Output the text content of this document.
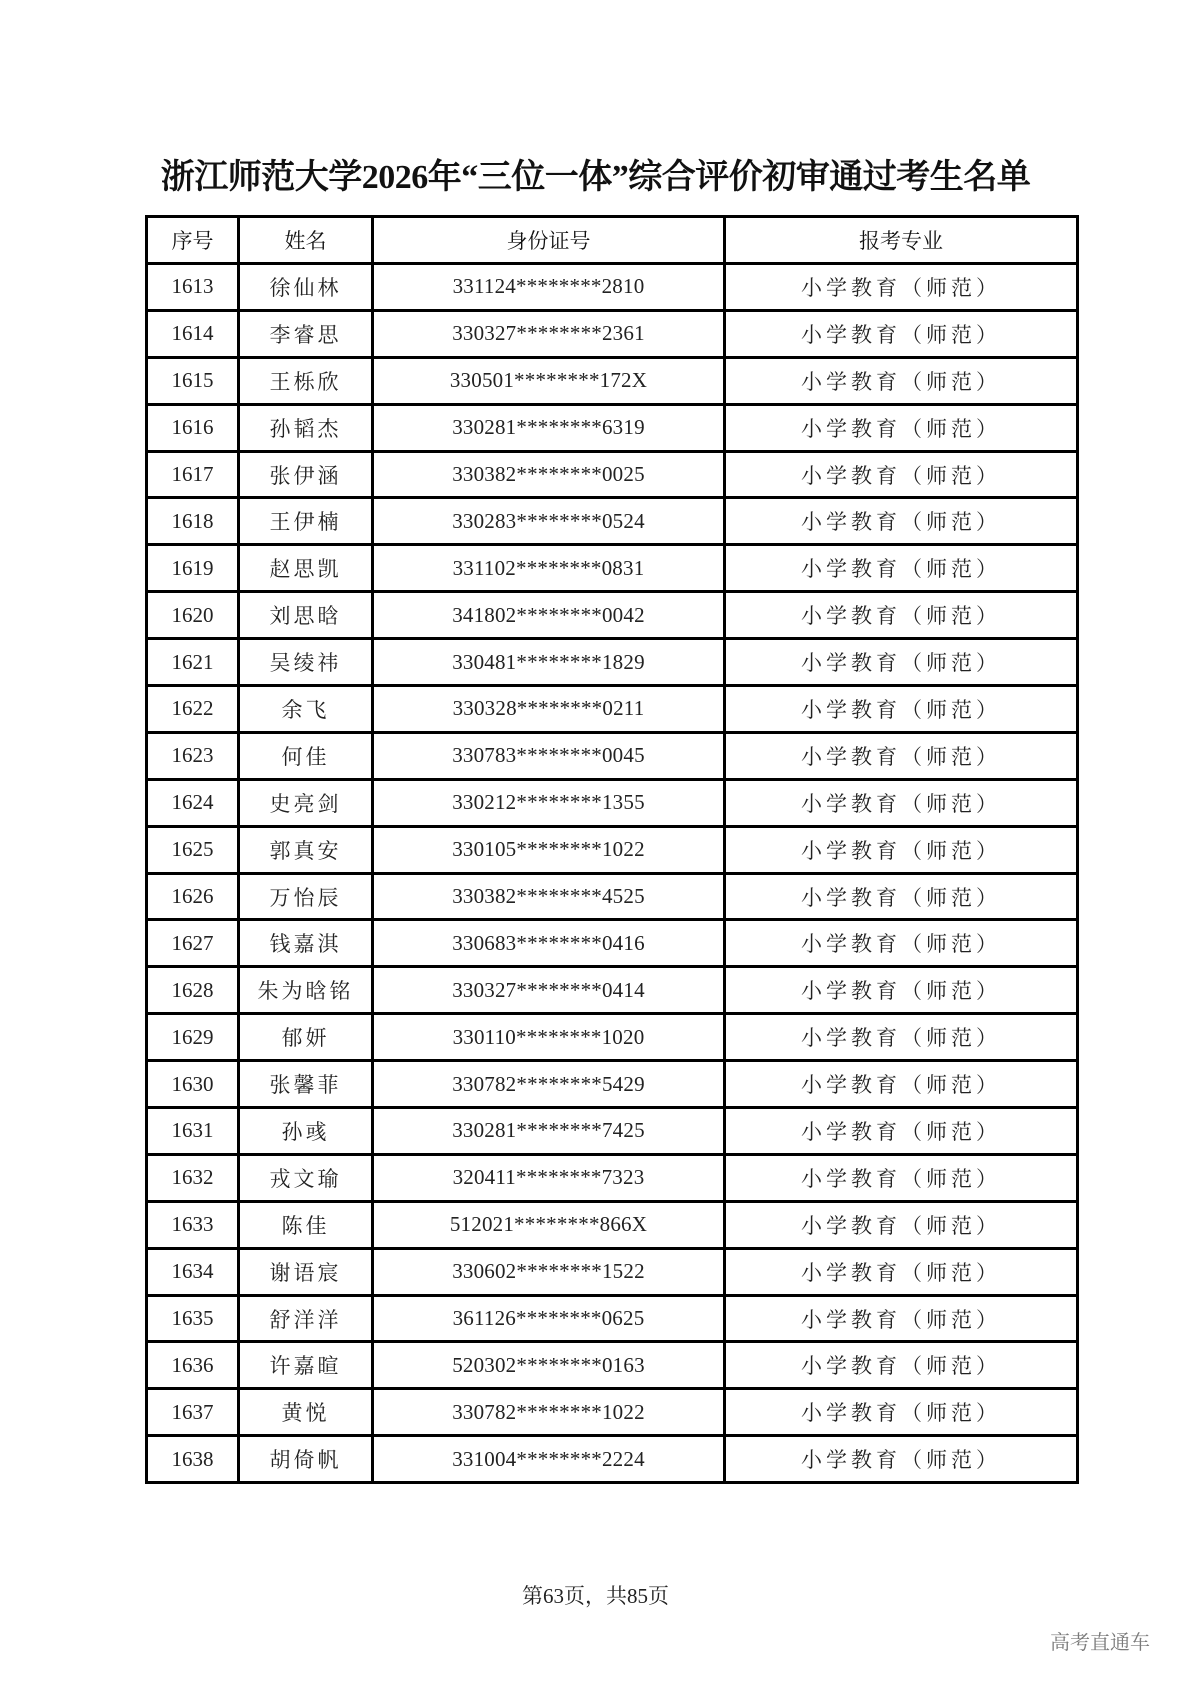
浙江师范大学2026年“三位一体”综合评价初审通过考生名单
序号	姓名	身份证号	报考专业
1613	徐仙林	331124********2810	小学教育（师范）
1614	李睿思	330327********2361	小学教育（师范）
1615	王栎欣	330501********172X	小学教育（师范）
1616	孙韬杰	330281********6319	小学教育（师范）
1617	张伊涵	330382********0025	小学教育（师范）
1618	王伊楠	330283********0524	小学教育（师范）
1619	赵思凯	331102********0831	小学教育（师范）
1620	刘思晗	341802********0042	小学教育（师范）
1621	吴绫祎	330481********1829	小学教育（师范）
1622	余飞	330328********0211	小学教育（师范）
1623	何佳	330783********0045	小学教育（师范）
1624	史亮剑	330212********1355	小学教育（师范）
1625	郭真安	330105********1022	小学教育（师范）
1626	万怡辰	330382********4525	小学教育（师范）
1627	钱嘉淇	330683********0416	小学教育（师范）
1628	朱为晗铭	330327********0414	小学教育（师范）
1629	郁妍	330110********1020	小学教育（师范）
1630	张馨菲	330782********5429	小学教育（师范）
1631	孙彧	330281********7425	小学教育（师范）
1632	戎文瑜	320411********7323	小学教育（师范）
1633	陈佳	512021********866X	小学教育（师范）
1634	谢语宸	330602********1522	小学教育（师范）
1635	舒洋洋	361126********0625	小学教育（师范）
1636	许嘉暄	520302********0163	小学教育（师范）
1637	黄悦	330782********1022	小学教育（师范）
1638	胡倚帆	331004********2224	小学教育（师范）
第63页，共85页
高考直通车
